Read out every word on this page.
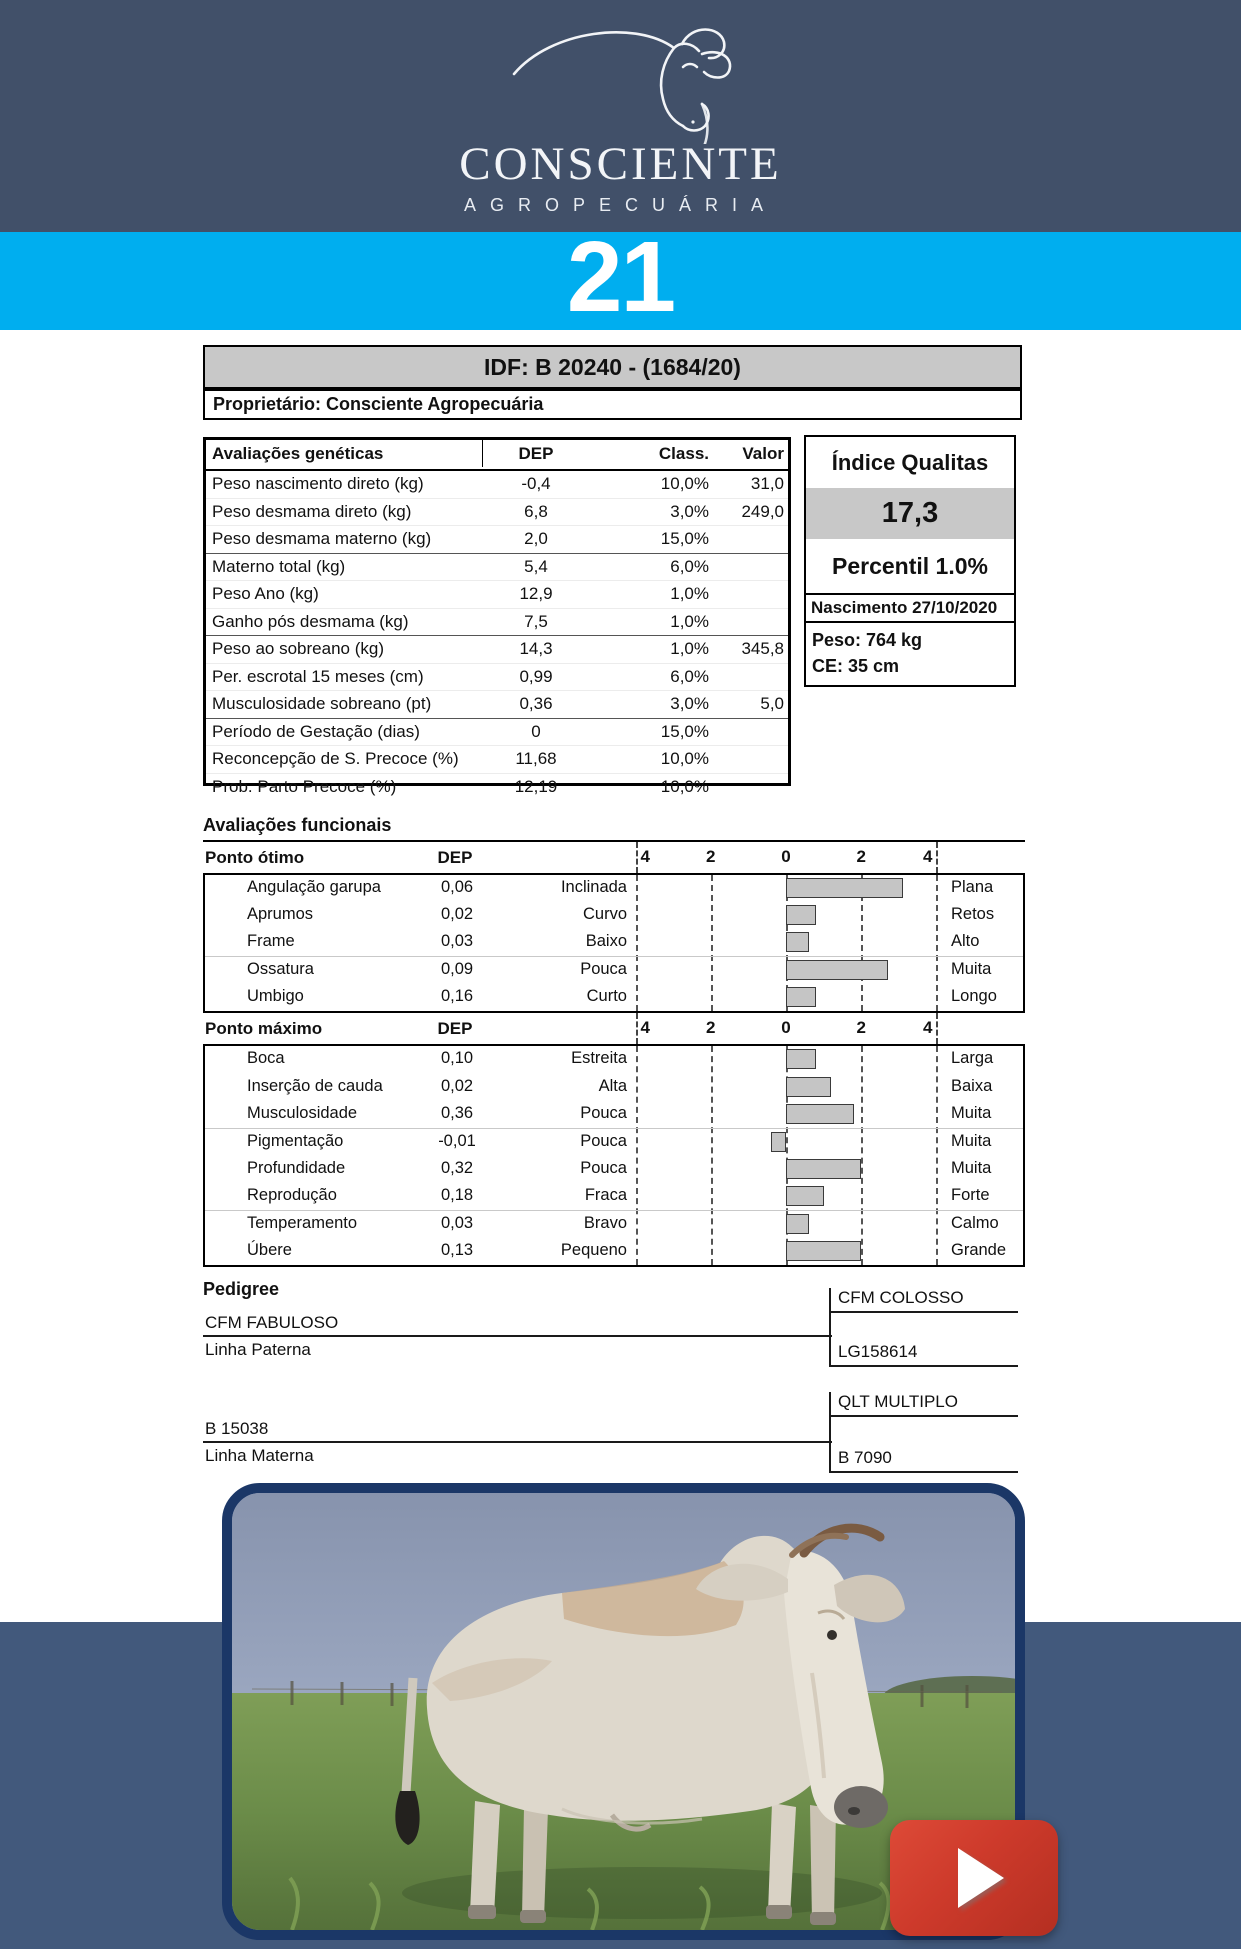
CONSCIENTE
AGROPECUÁRIA
21
IDF: B 20240 - (1684/20)
Proprietário: Consciente Agropecuária
Avaliações genéticas	DEP	Class.	Valor
Peso nascimento direto (kg)	-0,4	10,0%	31,0
Peso desmama direto (kg)	6,8	3,0%	249,0
Peso desmama materno (kg)	2,0	15,0%
Materno total (kg)	5,4	6,0%
Peso Ano (kg)	12,9	1,0%
Ganho pós desmama (kg)	7,5	1,0%
Peso ao sobreano (kg)	14,3	1,0%	345,8
Per. escrotal 15 meses (cm)	0,99	6,0%
Musculosidade sobreano (pt)	0,36	3,0%	5,0
Período de Gestação (dias)	0	15,0%
Reconcepção de S. Precoce (%)	11,68	10,0%
Prob. Parto Precoce (%)	12,19	10,0%
Índice Qualitas
17,3
Percentil 1.0%
Nascimento 27/10/2020
Peso: 764 kg
CE: 35 cm
Avaliações funcionais
Ponto ótimo	DEP	4	2	0	2	4
Angulação garupa	0,06	Inclinada	Plana
Aprumos	0,02	Curvo	Retos
Frame	0,03	Baixo	Alto
Ossatura	0,09	Pouca	Muita
Umbigo	0,16	Curto	Longo
Ponto máximo	DEP	4	2	0	2	4
Boca	0,10	Estreita	Larga
Inserção de cauda	0,02	Alta	Baixa
Musculosidade	0,36	Pouca	Muita
Pigmentação	-0,01	Pouca	Muita
Profundidade	0,32	Pouca	Muita
Reprodução	0,18	Fraca	Forte
Temperamento	0,03	Bravo	Calmo
Úbere	0,13	Pequeno	Grande
Pedigree	CFM COLOSSO
CFM FABULOSO
Linha Paterna	LG158614
QLT MULTIPLO
B 15038
Linha Materna	B 7090
